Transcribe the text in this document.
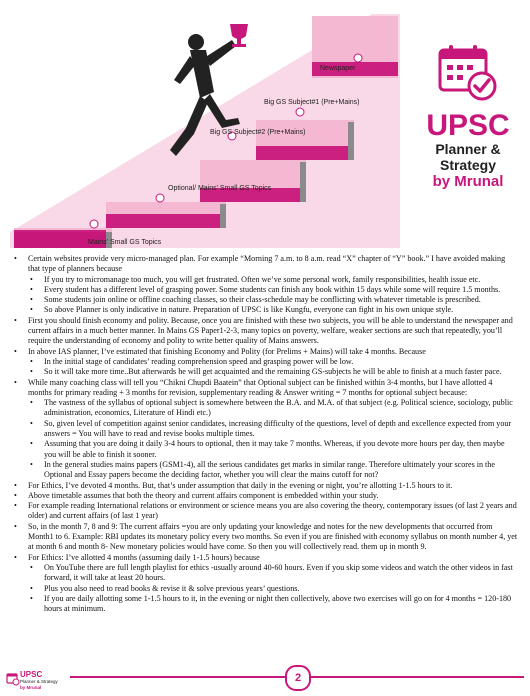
Newspaper
Big GS Subject#1 (Pre+Mains)
Big GS Subject#2 (Pre+Mains)
Optional/ Mains' Small GS Topics
Mains' Small GS Topics
UPSC
Planner &
Strategy
by Mrunal
• Certain websites provide very micro-managed plan. For example “Morning 7 a.m. to 8 a.m. read “X” chapter of “Y” book.” I have avoided making that type of planners because
• If you try to micromanage too much, you will get frustrated. Often we’ve some personal work, family responsibilities, health issue etc.
• Every student has a different level of grasping power. Some students can finish any book within 15 days while some will require 1.5 months.
• Some students join online or offline coaching classes, so their class-schedule may be conflicting with whatever timetable is prescribed.
• So above Planner is only indicative in nature. Preparation of UPSC is like Kungfu, everyone can fight in his own unique style.
• First you should finish economy and polity. Because, once you are finished with these two subjects, you will be able to understand the newspaper and current affairs in a much better manner. In Mains GS Paper1-2-3, many topics on poverty, welfare, weaker sections are such that repeatedly, you’ll require the understanding of economy and polity to write better quality of Mains answers.
• In above IAS planner, I’ve estimated that finishing Economy and Polity (for Prelims + Mains) will take 4 months. Because
• In the initial stage of candidates’ reading comprehension speed and grasping power will be low.
• So it will take more time..But afterwards he will get acquainted and the remaining GS-subjects he will be able to finish at a much faster pace.
• While many coaching class will tell you “Chikni Chupdi Baatein” that Optional subject can be finished within 3-4 months, but I have allotted 4 months for primary reading + 3 months for revision, supplementary reading & Answer writing = 7 months for optional subject because:
• The vastness of the syllabus of optional subject is somewhere between the B.A. and M.A. of that subject (e.g. Political science, sociology, public administration, economics, Literature of Hindi etc.)
• So, given level of competition against senior candidates, increasing difficulty of the questions, level of depth and excellence expected from your answers = You will have to read and revise books multiple times.
• Assuming that you are doing it daily 3-4 hours to optional, then it may take 7 months. Whereas, if you devote more hours per day, then maybe you will be able to finish it sooner.
• In the general studies mains papers (GSM1-4), all the serious candidates get marks in similar range. Therefore ultimately your scores in the Optional and Essay papers become the deciding factor, whether you will clear the mains cutoff for not?
• For Ethics, I’ve devoted 4 months. But, that’s under assumption that daily in the evening or night, you’re allotting 1-1.5 hours to it.
• Above timetable assumes that both the theory and current affairs component is embedded within your study.
• For example reading International relations or environment or science means you are also covering the theory, contemporary issues (of last 2 years and older) and current affairs (of last 1 year)
• So, in the month 7, 8 and 9: The current affairs =you are only updating your knowledge and notes for the new developments that occurred from Month1 to 6. Example: RBI updates its monetary policy every two months. So even if you are finished with economy syllabus on month number 4, yet at month 6 and month 8- New monetary policies would have come. So then you will collectively read. them up in month 9.
• For Ethics: I’ve allotted 4 months (assuming daily 1-1.5 hours) because
• On YouTube there are full length playlist for ethics -usually around 40-60 hours. Even if you skip some videos and watch the other videos in fast forward, it will take at least 20 hours.
• Plus you also need to read books & revise it & solve previous years’ questions.
• If you are daily allotting some 1-1.5 hours to it, in the evening or night then collectively, above two exercises will go on for 4 months = 120-180 hours at minimum.
UPSC
Planner & Strategy
by Mrunal
2
